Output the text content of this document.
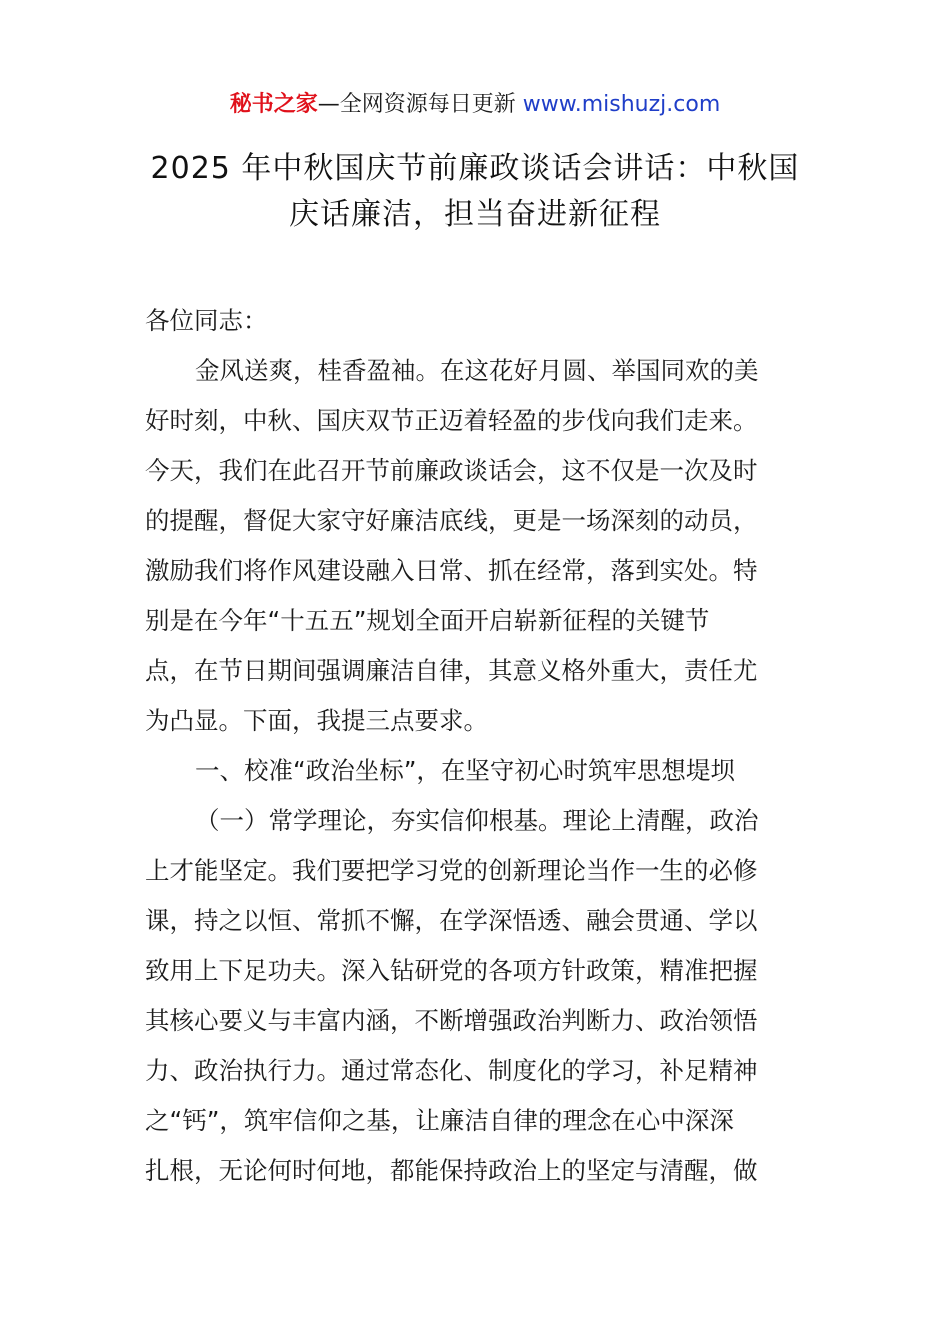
秘书之家—全网资源每日更新 www.mishuzj.com
2025 年中秋国庆节前廉政谈话会讲话：中秋国
庆话廉洁，担当奋进新征程
各位同志：
金风送爽，桂香盈袖。在这花好月圆、举国同欢的美
好时刻，中秋、国庆双节正迈着轻盈的步伐向我们走来。
今天，我们在此召开节前廉政谈话会，这不仅是一次及时
的提醒，督促大家守好廉洁底线，更是一场深刻的动员，
激励我们将作风建设融入日常、抓在经常，落到实处。特
别是在今年“十五五”规划全面开启崭新征程的关键节
点，在节日期间强调廉洁自律，其意义格外重大，责任尤
为凸显。下面，我提三点要求。
一、校准“政治坐标”，在坚守初心时筑牢思想堤坝
（一）常学理论，夯实信仰根基。理论上清醒，政治
上才能坚定。我们要把学习党的创新理论当作一生的必修
课，持之以恒、常抓不懈，在学深悟透、融会贯通、学以
致用上下足功夫。深入钻研党的各项方针政策，精准把握
其核心要义与丰富内涵，不断增强政治判断力、政治领悟
力、政治执行力。通过常态化、制度化的学习，补足精神
之“钙”，筑牢信仰之基，让廉洁自律的理念在心中深深
扎根，无论何时何地，都能保持政治上的坚定与清醒，做
